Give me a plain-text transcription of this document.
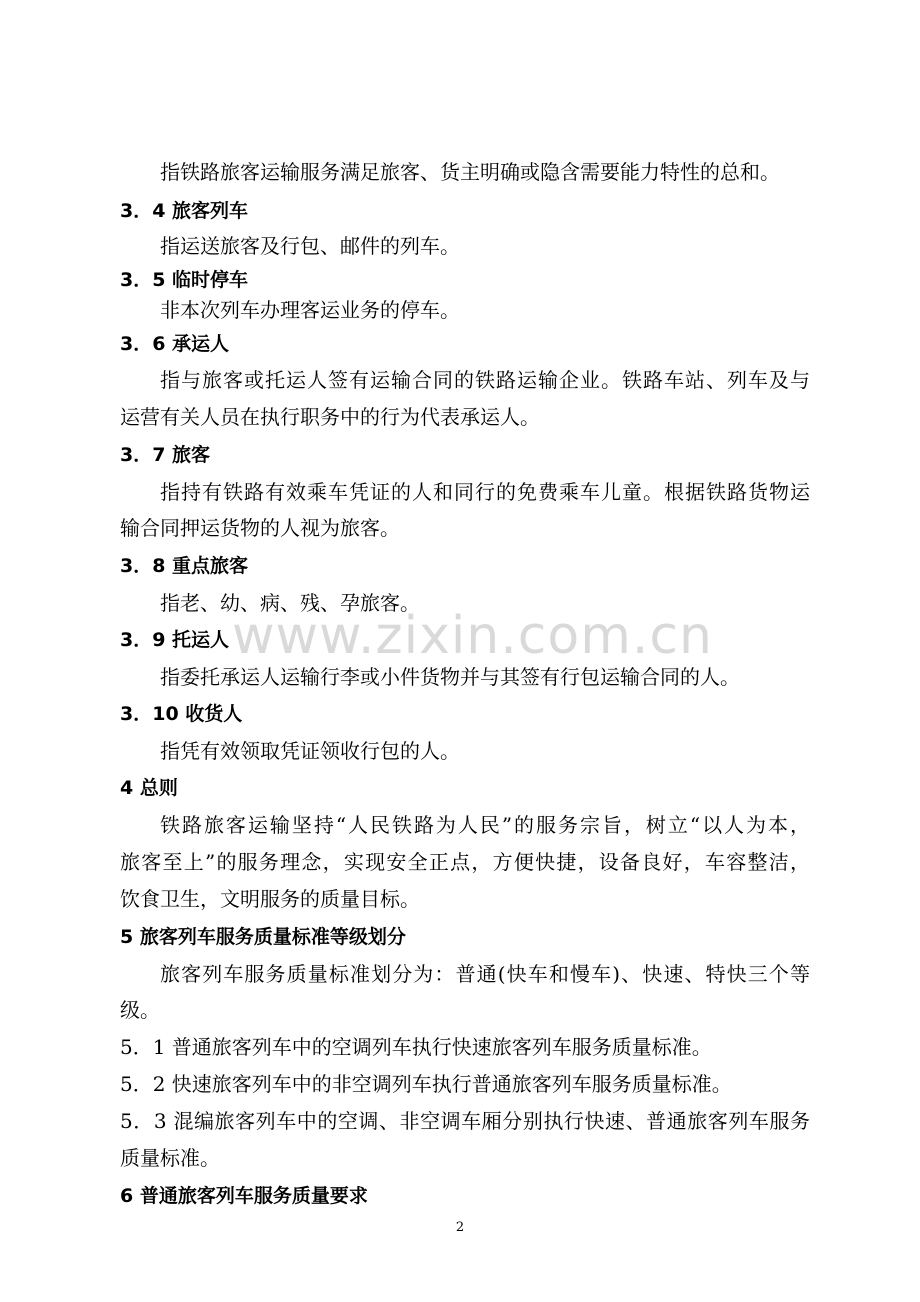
www.zixin.com.cn
指铁路旅客运输服务满足旅客、货主明确或隐含需要能力特性的总和。
3．4 旅客列车
指运送旅客及行包、邮件的列车。
3．5 临时停车
非本次列车办理客运业务的停车。
3．6 承运人
指与旅客或托运人签有运输合同的铁路运输企业。铁路车站、列车及与
运营有关人员在执行职务中的行为代表承运人。
3．7 旅客
指持有铁路有效乘车凭证的人和同行的免费乘车儿童。根据铁路货物运
输合同押运货物的人视为旅客。
3．8 重点旅客
指老、幼、病、残、孕旅客。
3．9 托运人
指委托承运人运输行李或小件货物并与其签有行包运输合同的人。
3．10 收货人
指凭有效领取凭证领收行包的人。
4 总则
铁路旅客运输坚持“人民铁路为人民”的服务宗旨，树立“以人为本，
旅客至上”的服务理念，实现安全正点，方便快捷，设备良好，车容整洁，
饮食卫生，文明服务的质量目标。
5 旅客列车服务质量标准等级划分
旅客列车服务质量标准划分为：普通(快车和慢车)、快速、特快三个等
级。
5．1 普通旅客列车中的空调列车执行快速旅客列车服务质量标准。
5．2 快速旅客列车中的非空调列车执行普通旅客列车服务质量标准。
5．3 混编旅客列车中的空调、非空调车厢分别执行快速、普通旅客列车服务
质量标准。
6 普通旅客列车服务质量要求
2
